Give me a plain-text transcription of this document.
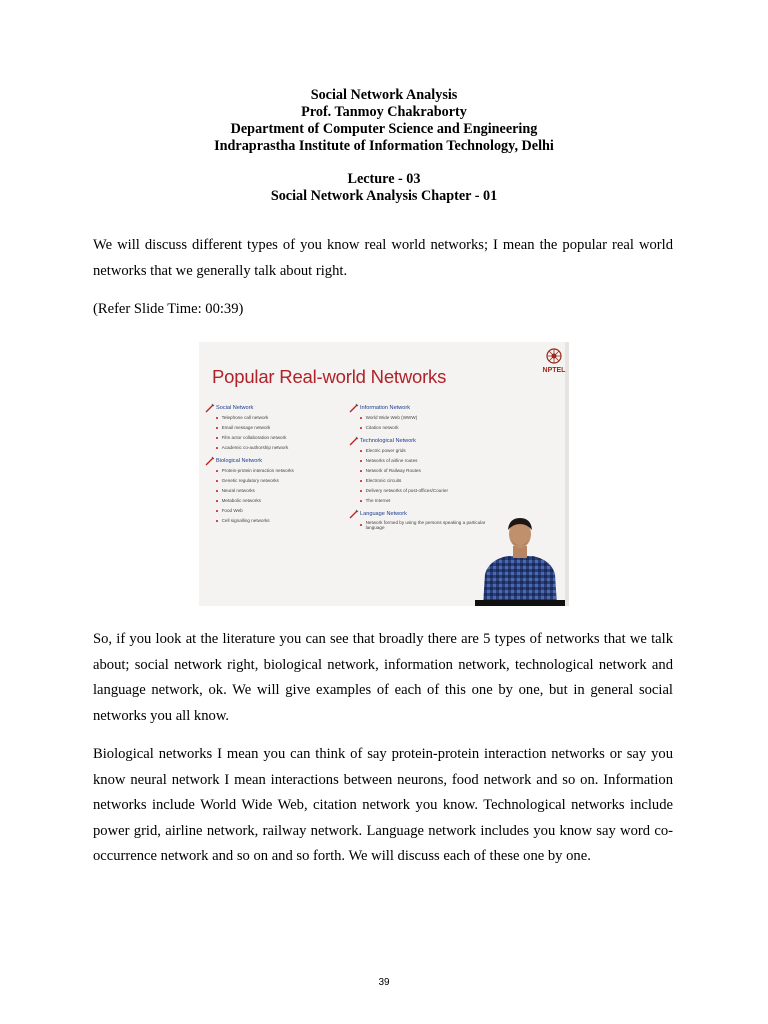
Social Network Analysis
Prof. Tanmoy Chakraborty
Department of Computer Science and Engineering
Indraprastha Institute of Information Technology, Delhi
Lecture - 03
Social Network Analysis Chapter - 01

We will discuss different types of you know real world networks; I mean the popular real world networks that we generally talk about right.

(Refer Slide Time: 00:39)
Popular Real-world Networks	NPTEL
Social Network
Telephone call network
Email message network
Film actor collaboration network
Academic co-authorship network
Biological Network
Protein-protein interaction networks
Genetic regulatory networks
Neural networks
Metabolic networks
Food Web
Cell signalling networks
Information Network
World Wide Web (WWW)
Citation network
Technological Network
Electric power grids
Networks of airline routes
Network of Railway Routes
Electronic circuits
Delivery networks of post-offices/Courier
The Internet
Language Network
Network formed by using the persons speaking a particular language

So, if you look at the literature you can see that broadly there are 5 types of networks that we talk about; social network right, biological network, information network, technological network and language network, ok. We will give examples of each of this one by one, but in general social networks you all know.

Biological networks I mean you can think of say protein-protein interaction networks or say you know neural network I mean interactions between neurons, food network and so on. Information networks include World Wide Web, citation network you know. Technological networks include power grid, airline network, railway network. Language network includes you know say word co-occurrence network and so on and so forth. We will discuss each of these one by one.

39
